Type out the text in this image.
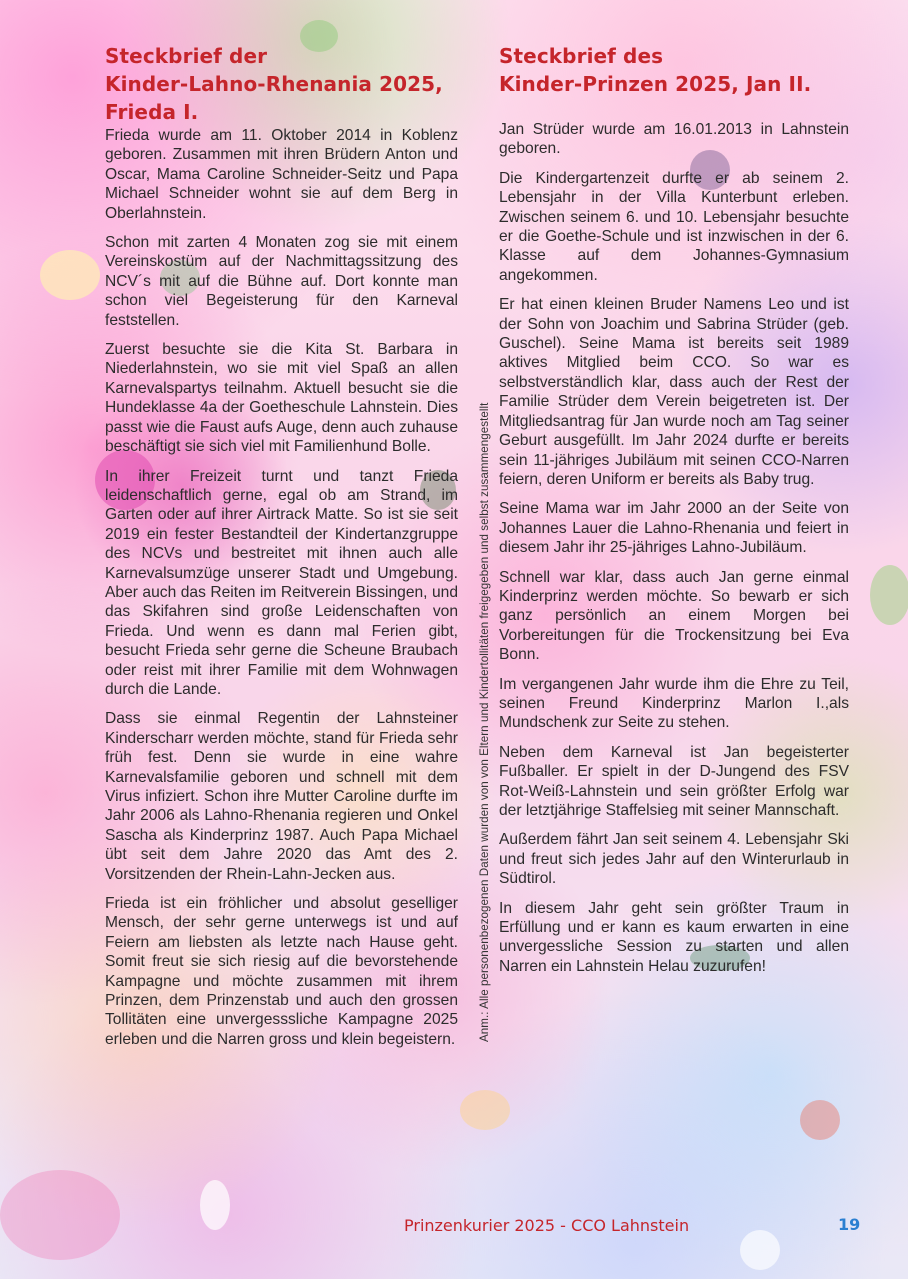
Steckbrief der
Kinder-Lahno-Rhenania 2025,
Frieda I.

Frieda wurde am 11. Oktober 2014 in Koblenz geboren. Zusammen mit ihren Brüdern Anton und Oscar, Mama Caroline Schneider-Seitz und Papa Michael Schneider wohnt sie auf dem Berg in Oberlahnstein.

Schon mit zarten 4 Monaten zog sie mit einem Vereinskostüm auf der Nachmittagssitzung des NCV´s mit auf die Bühne auf. Dort konnte man schon viel Begeisterung für den Karneval feststellen.

Zuerst besuchte sie die Kita St. Barbara in Niederlahnstein, wo sie mit viel Spaß an allen Karnevalspartys teilnahm. Aktuell besucht sie die Hundeklasse 4a der Goetheschule Lahnstein. Dies passt wie die Faust aufs Auge, denn auch zuhause beschäftigt sie sich viel mit Familienhund Bolle.

In ihrer Freizeit turnt und tanzt Frieda leidenschaftlich gerne, egal ob am Strand, im Garten oder auf ihrer Airtrack Matte. So ist sie seit 2019 ein fester Bestandteil der Kindertanzgruppe des NCVs und bestreitet mit ihnen auch alle Karnevalsumzüge unserer Stadt und Umgebung. Aber auch das Reiten im Reitverein Bissingen, und das Skifahren sind große Leidenschaften von Frieda. Und wenn es dann mal Ferien gibt, besucht Frieda sehr gerne die Scheune Braubach oder reist mit ihrer Familie mit dem Wohnwagen durch die Lande.

Dass sie einmal Regentin der Lahnsteiner Kinderscharr werden möchte, stand für Frieda sehr früh fest. Denn sie wurde in eine wahre Karnevalsfamilie geboren und schnell mit dem Virus infiziert. Schon ihre Mutter Caroline durfte im Jahr 2006 als Lahno-Rhenania regieren und Onkel Sascha als Kinderprinz 1987. Auch Papa Michael übt seit dem Jahre 2020 das Amt des 2. Vorsitzenden der Rhein-Lahn-Jecken aus.

Frieda ist ein fröhlicher und absolut geselliger Mensch, der sehr gerne unterwegs ist und auf Feiern am liebsten als letzte nach Hause geht. Somit freut sie sich riesig auf die bevorstehende Kampagne und möchte zusammen mit ihrem Prinzen, dem Prinzenstab und auch den grossen Tollitäten eine unvergesssliche Kampagne 2025 erleben und die Narren gross und klein begeistern. Anm.: Alle personenbezogenen Daten wurden von von Eltern und Kindertollitäten freigegeben und selbst zusammengestellt
Steckbrief des
Kinder-Prinzen 2025, Jan II.

Jan Strüder wurde am 16.01.2013 in Lahnstein geboren.

Die Kindergartenzeit durfte er ab seinem 2. Lebensjahr in der Villa Kunterbunt erleben. Zwischen seinem 6. und 10. Lebensjahr besuchte er die Goethe-Schule und ist inzwischen in der 6. Klasse auf dem Johannes-Gymnasium angekommen.

Er hat einen kleinen Bruder Namens Leo und ist der Sohn von Joachim und Sabrina Strüder (geb. Guschel). Seine Mama ist bereits seit 1989 aktives Mitglied beim CCO. So war es selbstverständlich klar, dass auch der Rest der Familie Strüder dem Verein beigetreten ist. Der Mitgliedsantrag für Jan wurde noch am Tag seiner Geburt ausgefüllt. Im Jahr 2024 durfte er bereits sein 11-jähriges Jubiläum mit seinen CCO-Narren feiern, deren Uniform er bereits als Baby trug.

Seine Mama war im Jahr 2000 an der Seite von Johannes Lauer die Lahno-Rhenania und feiert in diesem Jahr ihr 25-jähriges Lahno-Jubiläum.

Schnell war klar, dass auch Jan gerne einmal Kinderprinz werden möchte. So bewarb er sich ganz persönlich an einem Morgen bei Vorbereitungen für die Trockensitzung bei Eva Bonn.

Im vergangenen Jahr wurde ihm die Ehre zu Teil, seinen Freund Kinderprinz Marlon I.,als Mundschenk zur Seite zu stehen.

Neben dem Karneval ist Jan begeisterter Fußballer. Er spielt in der D-Jungend des FSV Rot-Weiß-Lahnstein und sein größter Erfolg war der letztjährige Staffelsieg mit seiner Mannschaft.

Außerdem fährt Jan seit seinem 4. Lebensjahr Ski und freut sich jedes Jahr auf den Winterurlaub in Südtirol.

In diesem Jahr geht sein größter Traum in Erfüllung und er kann es kaum erwarten in eine unvergessliche Session zu starten und allen Narren ein Lahnstein Helau zuzurufen!

Prinzenkurier 2025 - CCO Lahnstein	19
